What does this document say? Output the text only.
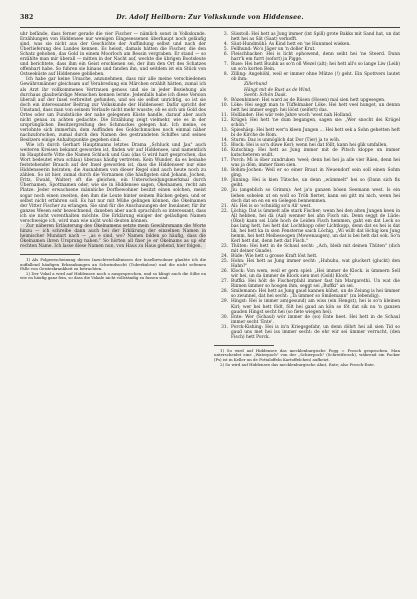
382	Dr. Adolf Heilborn: Zur Volkskunde von Hiddensee.

uhr befände, dass ferner gerade die vier Fischer — nämlich sonst in Volkskunde. Erzählungen von Hiddensee nur wenigen Eingesessenen überhaupt noch geläufig sind, was sie nicht aus der Geschichte der Auffindung selbst und nach der Überlieferung des Landes kennen. Es heisst, damals hätten die Fischer, die den Schatz gehoben, das Gold in einem Moorloch am Bessin vergraben. Er stand — so erzählte man mir überall — mitten in der Nacht auf, weckte die übrigen Bootsleute und berichtete, dass ihm ein Geist erschienen sei, der ihm den Ort des Schatzes offenbart habe. So fuhren sie hinaus und fanden ihn, und seitdem ist ein Stück von Ostseeküste auf Hiddensee geblieben.

Ich habe gar keine Ursache, anzunehmen, dass mir alle meine verschiedenen Gewährsmänner gleichsam auf Verabredung ein Märchen erzählt hätten, zumal ich als Arzt ihr vollkommenes Vertrauen genoss und sie in jeder Beziehung als durchaus glaubwürdige Menschen kennen lernte. Jedenfalls habe ich diese Version überall auf der Insel verbreitet gefunden, und sei sie selbst unrichtig, so ist sie doch ein interessanter Beitrag zur Volkskunde der Hiddenseer. Dafür spricht der Umstand, dass man von seinem Verlaufe nicht mehr wusste; ob es sich um Gold des Ortes oder um Fundstücke der nahe gelegenen Küste handle, darauf aber auch nicht genau zu achten gedachte. Die Erzählung zeigt vielmehr, wie es in der ursprünglichen Besitzergreifung des Schmuckes gelegen hat. Ich meine, es verlohnte sich immerhin, dem Auffinden des Goldschmuckes noch einmal näher nachzuforschen, zumal durch den Namen des gestrandeten Schiffes und seines Besitzers einige Anhaltspunkte gegeben sind.

Wie ich durch Gerhart Hauptmanns letztes Drama „Schluck und Jau" auch weiteren Kreisen bekannt geworden ist, finden wir auf Hiddensee, und namentlich im Hauptdorfe Vitte die Namen Schluck und Gau (das G wird hart gesprochen, das Wort bedeutet etwa schlau) überaus häufig vertreten. Kein Wunder, da es beinahe feststehender Brauch auf der Insel geworden ist, dass die Hiddenseer nur eine Hiddenseerin heiraten; die Ausnahmen von dieser Regel sind auch heute noch zu zählen. So ist hier, zumal durch die Vornamen (die häufigsten sind Johann, Jochen, Fritz, Ewald, Walter) oft die gleichen, ein Unterscheidungsmerkmal durch Übernamen, Spottnamen oder, wie sie in Hiddensee sagen, Ökelnamen, recht am Platze. Jeder erwachsene männliche Dorfbewohner besitzt einen solchen, meist sogar noch einen zweiten, den ihm die Leute hinter seinem Rücken geben, und er selbst nicht erfahren soll. Es hat nur mit Mühe gelingen können, die Ökelnamen der Vitter Fischer zu erlangen. Sie sind für die Anschauungen der Insulaner, für ihr ganzes Wesen sehr bezeichnend, daneben aber auch sprachlich so interessant, dass ich sie nicht vorenthalten möchte. Die Erklärung einiger der geläufigen Namen verschweige ich, wird man wie nicht wohl deuten können.

Zur näheren Erläuterung des Ökelnamens setzte mein Gewährsmann die Worte hinzu — ich schreibe dann auch bei der Erklärung der einzelnen Namen in heimischer Mundart nach — „as e sind, wo? Namen bilden so häufig, dass die Ökelnamen ihren Ursprung haben." So hörten all fixer je er Ökelnams as up ehr rechten Name. Ich lasse diese Namen nun, von Haus zu Haus gehend, hier folgen.

1) Als Folgeerscheinung dieses Inzuchtverhältnisses der Inselbewohner glaubte ich die auffallend häufigen Erkrankungen an Schwindsucht (Tuberkulose) und die nicht seltenen Fälle von Geisteskrankheit zu betrachten.

2) Der Vokal a wird auf Hiddensee noch o ausgesprochen, und so klingt auch die Silbe en wie en häufig ganz fein, so dass die Vokale nicht vollständig zu fassen sind.

3. Süsstoll: Hei hett as Jung immer (int Spill) grote Bakks mit Sand hat, un dat hett hei as Sät (Saat) verkofft.
4. Säut-Hundmühl: As Kind hett en 'ne Hunnmel wieken.
5. Fellhund: Wo's Jäger un 'n doller Krut.
6. Fleischhacker: Hei is licht ophowend, denn seiht hei 'ne Steerd. Dunn harr'k em furrt (sofort) ja Pigge.
7. Ruse: Hei hett Buuhk as so'n oll Wezel (alt); hei hett all's so lange Liw (Leib) un so'n korten Bein.
8. Zilling: Angehöhl, weil er immer ohne Mütze (!) geht. Ein Spottvers lautet ob ihm:
Zillerhund
Hängt mit de Rust as de Wind,
Seeht: Schön Daak.
9. Bözenbinner: Hei ward as de Rüsen (Hosen) mal sien hett upgesegen.
10. Löke: Hei seggt man to Tüffelmaker Löke. Hei hett veel hunget, un dennn hett hei immer seggt: hei lööst (seifert) das.
11. Holländer: Hei wär vele Jahre woch 'west nah Holland.
12. Krügel: Hei hett 'ne dum begangen, sagen sie: „Wer snocht dei Krügel schön."
13. Spieshäsp: Hei hett wer'n kleen Jungen ... Hei hett sek a Sohn gehetten heft bi de Kirche de Rom.
14. Sturm: Daz is unmöglich dat Dor (Tier) ja to wöh.
15. Block: Hei is so'n düwe Kerl; wenn hei dat föllt, kann hei glik umfallen.
16. Kutsching: Hei hett as Jung immer mit de Pitsch kloppe un immer kutscheteren wullt.
17. Porch: Mi is öber zundruken 'weel; denn hei hei ja alle vier Räen, denn hei was ja döm, immer fixen sien.
18. Bohim-Jochen: Weil er so einer Braut in Neuendorf sein soll einen Sohm ging.
19. Jünning: Hei is kien Tütsche, un denn „wümmelt" hei so (Dann sich fix geiht.
20. Jiu (angeblich so Grimm): Aet ja'n ganzen bösen Seemann west. Is ein liehen sobelen ut en woll so Tröh fiertet, kann sei gitt mi nich, wenn hei doch dat en en en en Gelegen bennemmen.
21. Ali: Hei is so 'schnidig so'n Ali' west.
22. Löchig: Dat is ümmelt alle stark Fischer; wenn hei den alten Jungen keen in Äll hebben, hei dä (Aal) wenner hei ahn Fisch sin. Denn seggt de Lüde: (Ökel) kann sei Lüde hoch de Leiden Fisch hemmen, gaht em dat Leck so bas lang hett, hei hett dat Lochtkopp oder Lichtkopp, denn dat es hei is dat lik, hei hett ka in sien Fensterne saich Löchig. „Wi willt dat löchig ken Jung hemm, hei hett Meibesoogen (Mowenaugen), un dat is bei hett dat ook. So'n Kerl hett dat, denn hett dat Fisch."
23. Thüten: Hei hett in de Schaul secht: „Ach, bleib mit deinen Thüten" (dich mit deiner Gnade).
24. Büde: Wie hett u grosse Kraft löst hett.
25. Hohn: Hei hett as Jung immer secht: „Huhuhu, wat gluckert (gluckt) den Hahn?"
26. Klock: Von wem, weil er gern spiel: „Hei immer de Klock. is ümmern Sell wir hei, un da ümmer de Klock sien mot (Gold) Klock."
27. Buffki: Hei hölt de Fischerpfahl immer fast hin Margarethi. Un wat die Rinnen ümmer so hoogen ihm, seggt sei „Buffki" an sei.
28. Smilemann: Hei hett as Jung gaud kannen kühst, un de Zeiung is hei ümmer so zwunnel, dat hei secht: „Ta ümmer so Smilemann" (zu lebendig).
29. Hingst: Hei is immer am(gesund) am wiss (ein Hengst), hei is so'n kleinen Kirl; wer hei hett födt, fölt hei gaud an kön so föt dat sik nu 'n ganzen gauden Hingst secht hei (so fiete wiegen hei).
30. Ente: Wer (Schaul) wör immer de (so) Ente heet. Hei hett in de Schaul immer secht 'Ente'.
31. Porck-Kishing: Hei is in'n Kriegsgefahr, un denn döhrt hei all sien Tid so gaud uns met hei iss immer secht: de ehr wir sei ümmer verrucht, (den Fisch) hett Porck.

1) So wird auf Hiddensee das mecklenburgische Pogg = Frosch gesprochen. Man unterscheidet eine „Waterpoch" von der „Schierpoch" (Schreitfrosch), während ein Pocker (Ps) ist in Keller un de Pottaloffeln Kartoffelchen) aufheizt.

2) So wird auf Hiddensee das mecklenburgische Ahnt, Ente; also Frosch-Ente.
